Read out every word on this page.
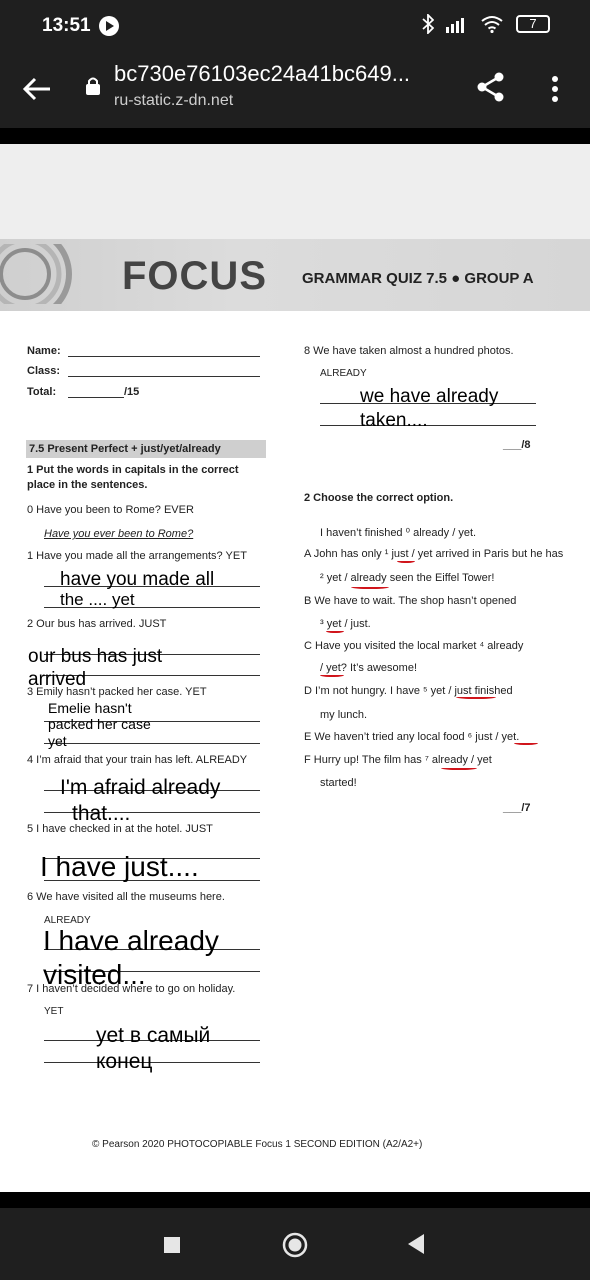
13:51	7
bc730e76103ec24a41bc649...
ru-static.z-dn.net
FOCUS GRAMMAR QUIZ 7.5 ● GROUP A
Name:
Class:
Total:	/15
7.5 Present Perfect + just/yet/already
1 Put the words in capitals in the correct
place in the sentences.
0 Have you been to Rome? EVER
Have you ever been to Rome?
1 Have you made all the arrangements? YET
have you made all
the .... yet
2 Our bus has arrived. JUST
our bus has just
arrived
3 Emily hasn’t packed her case. YET
Emelie hasn't
packed her case
yet
4 I’m afraid that your train has left. ALREADY
I'm afraid already
that....
5 I have checked in at the hotel. JUST
I have just....
6 We have visited all the museums here.
ALREADY
I have already
visited...
7 I haven’t decided where to go on holiday.
YET
yet в самый
конец
8 We have taken almost a hundred photos.
ALREADY
we have already
taken....
___/8
2 Choose the correct option.
I haven’t finished ⁰ already / yet.
A John has only ¹ just / yet arrived in Paris but he has
² yet / already seen the Eiffel Tower!
B We have to wait. The shop hasn’t opened
³ yet / just.
C Have you visited the local market ⁴ already
/ yet? It’s awesome!
D I’m not hungry. I have ⁵ yet / just finished
my lunch.
E We haven’t tried any local food ⁶ just / yet.
F Hurry up! The film has ⁷ already / yet
started!
___/7
© Pearson 2020 PHOTOCOPIABLE Focus 1 SECOND EDITION (A2/A2+)
